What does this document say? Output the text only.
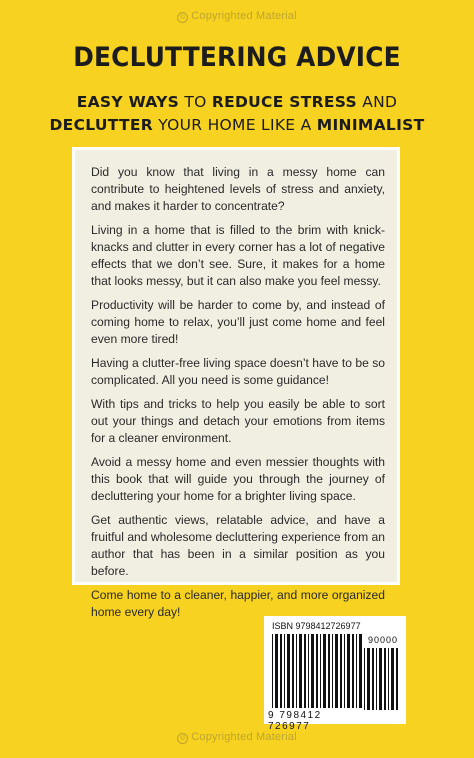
© Copyrighted Material
DECLUTTERING ADVICE
EASY WAYS TO REDUCE STRESS AND
DECLUTTER YOUR HOME LIKE A MINIMALIST

Did you know that living in a messy home can contribute to heightened levels of stress and anxiety, and makes it harder to concentrate?

Living in a home that is filled to the brim with knick-knacks and clutter in every corner has a lot of negative effects that we don’t see. Sure, it makes for a home that looks messy, but it can also make you feel messy.

Productivity will be harder to come by, and instead of coming home to relax, you’ll just come home and feel even more tired!

Having a clutter-free living space doesn’t have to be so complicated. All you need is some guidance!

With tips and tricks to help you easily be able to sort out your things and detach your emotions from items for a cleaner environment.

Avoid a messy home and even messier thoughts with this book that will guide you through the journey of decluttering your home for a brighter living space.

Get authentic views, relatable advice, and have a fruitful and wholesome decluttering experience from an author that has been in a similar position as you before.

Come home to a cleaner, happier, and more organized home every day!

ISBN 9798412726977
90000
9 798412 726977
© Copyrighted Material
